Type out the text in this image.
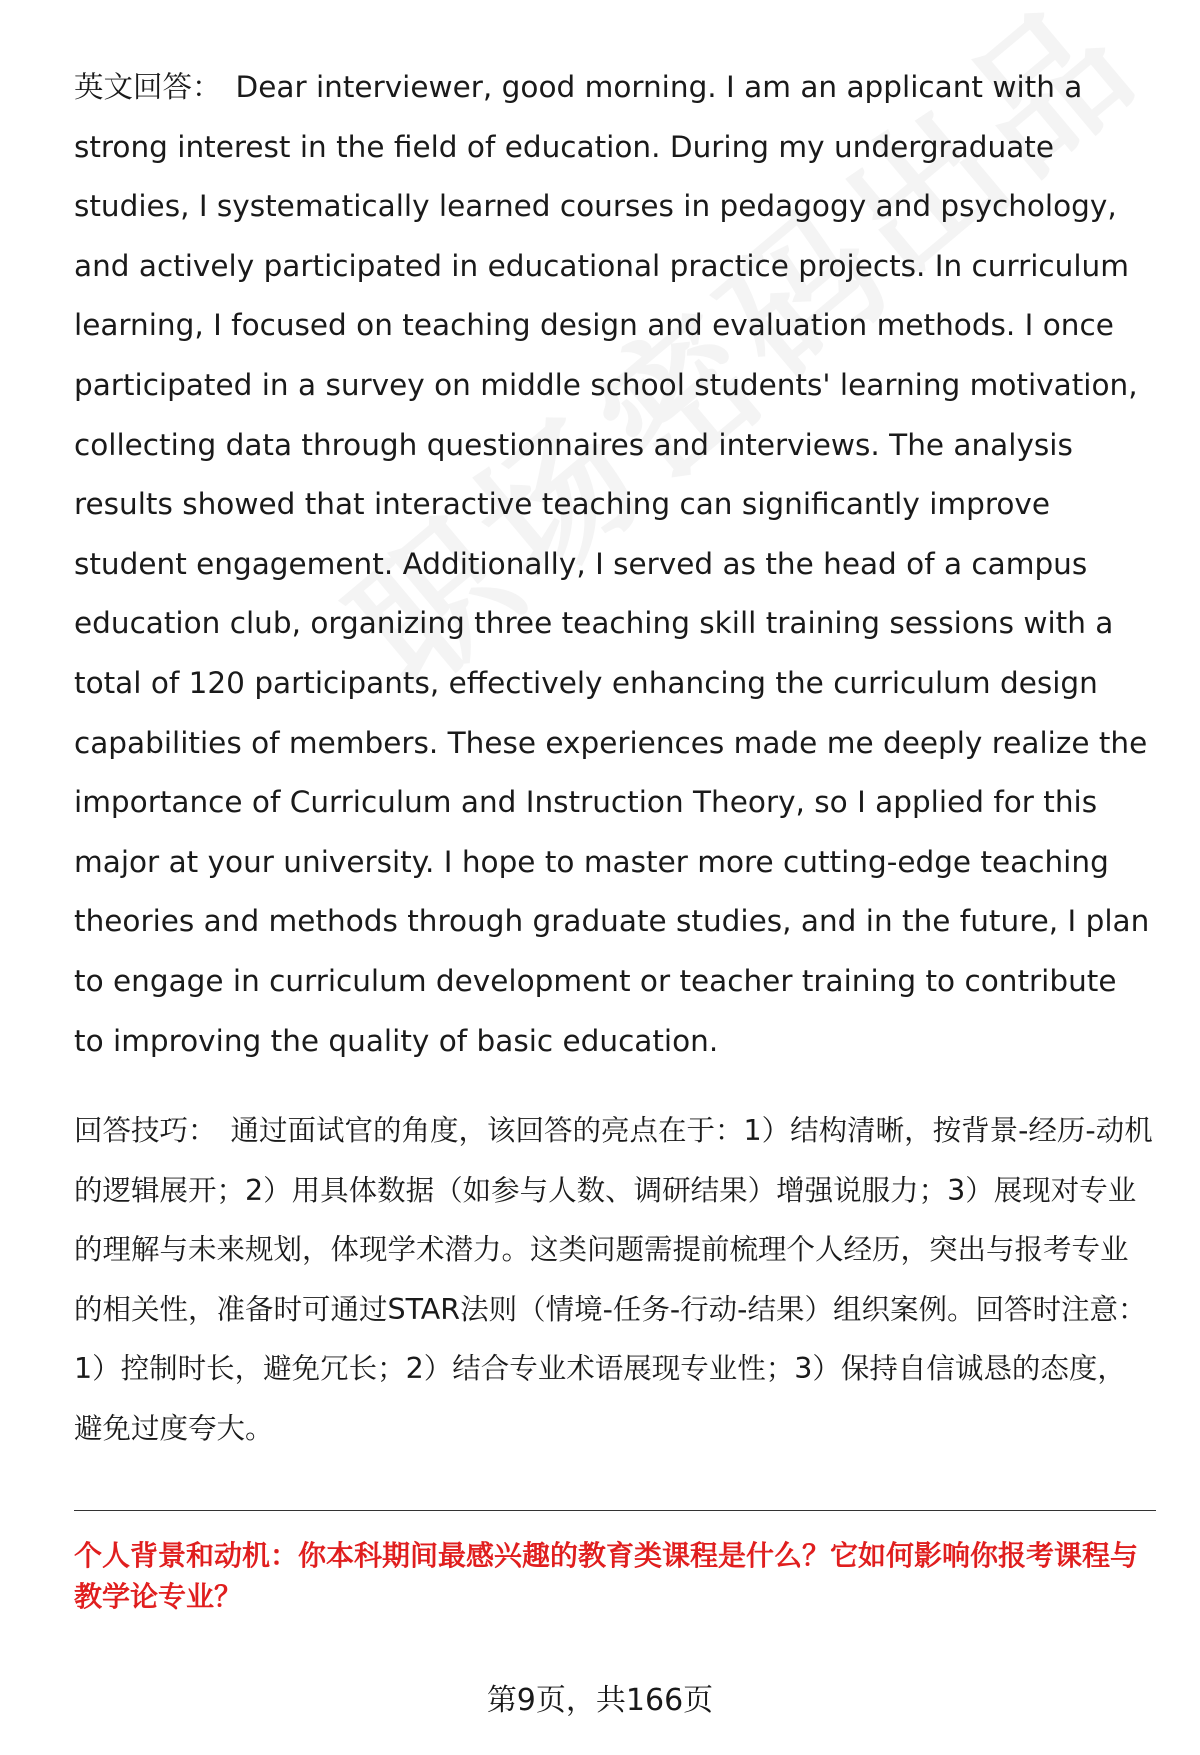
英文回答： Dear interviewer, good morning. I am an applicant with a strong interest in the field of education. During my undergraduate studies, I systematically learned courses in pedagogy and psychology, and actively participated in educational practice projects. In curriculum learning, I focused on teaching design and evaluation methods. I once participated in a survey on middle school students' learning motivation, collecting data through questionnaires and interviews. The analysis results showed that interactive teaching can significantly improve student engagement. Additionally, I served as the head of a campus education club, organizing three teaching skill training sessions with a total of 120 participants, effectively enhancing the curriculum design capabilities of members. These experiences made me deeply realize the importance of Curriculum and Instruction Theory, so I applied for this major at your university. I hope to master more cutting-edge teaching theories and methods through graduate studies, and in the future, I plan to engage in curriculum development or teacher training to contribute to improving the quality of basic education.

回答技巧： 通过面试官的角度，该回答的亮点在于：1）结构清晰，按背景-经历-动机的逻辑展开；2）用具体数据（如参与人数、调研结果）增强说服力；3）展现对专业的理解与未来规划，体现学术潜力。这类问题需提前梳理个人经历，突出与报考专业的相关性，准备时可通过STAR法则（情境-任务-行动-结果）组织案例。回答时注意：1）控制时长，避免冗长；2）结合专业术语展现专业性；3）保持自信诚恳的态度，避免过度夸大。

个人背景和动机：你本科期间最感兴趣的教育类课程是什么？它如何影响你报考课程与教学论专业？

第9页，共166页
